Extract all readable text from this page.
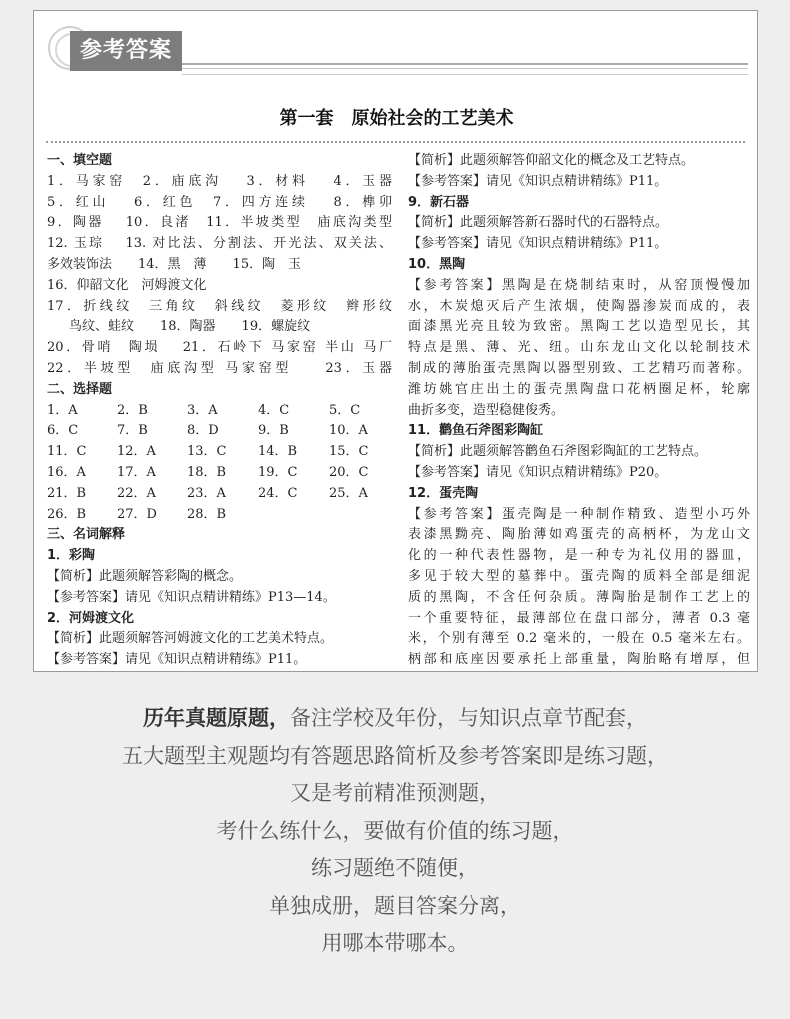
参考答案
第一套　原始社会的工艺美术
一、填空题
1．马家窑　2．庙底沟　 3．材料　 4．玉器
5．红山　 6．红色　7．四方连续　 8．榫卯
9．陶器　 10．良渚　11．半坡类型　庙底沟类型
12. 玉琮　 13. 对比法、分割法、开光法、双关法、
多效装饰法　　14．黑　薄　　15．陶　玉
16．仰韶文化　河姆渡文化
17．折线纹　三角纹　斜线纹　菱形纹　辫形纹
鸟纹、蛙纹　　18．陶器　　19．螺旋纹
20．骨哨　陶埙　 21．石岭下 马家窑 半山 马厂
22．半坡型　庙底沟型 马家窑型　　23．玉器
二、选择题
1．A	2．B	3．A	4．C	5．C
6．C	7．B	8．D	9．B	10．A
11．C 12．A 13．C 14．B 15．C
16．A 17．A 18．B 19．C 20．C
21．B 22．A 23．A 24．C 25．A
26．B 27．D 28．B
三、名词解释
1．彩陶
【简析】此题须解答彩陶的概念。
【参考答案】请见《知识点精讲精练》P13—14。
2．河姆渡文化
【简析】此题须解答河姆渡文化的工艺美术特点。
【参考答案】请见《知识点精讲精练》P11。
【简析】此题须解答仰韶文化的概念及工艺特点。
【参考答案】请见《知识点精讲精练》P11。
9．新石器
【简析】此题须解答新石器时代的石器特点。
【参考答案】请见《知识点精讲精练》P11。
10．黑陶
【参考答案】黑陶是在烧制结束时，从窑顶慢慢加
水，木炭熄灭后产生浓烟，使陶器渗炭而成的，表
面漆黑光亮且较为致密。黑陶工艺以造型见长，其
特点是黑、薄、光、纽。山东龙山文化以轮制技术
制成的薄胎蛋壳黑陶以器型别致、工艺精巧而著称。
潍坊姚官庄出土的蛋壳黑陶盘口花柄圈足杯，轮廓
曲折多变，造型稳健俊秀。
11．鹳鱼石斧图彩陶缸
【简析】此题须解答鹳鱼石斧图彩陶缸的工艺特点。
【参考答案】请见《知识点精讲精练》P20。
12．蛋壳陶
【参考答案】蛋壳陶是一种制作精致、造型小巧外
表漆黑黝亮、陶胎薄如鸡蛋壳的高柄杯，为龙山文
化的一种代表性器物，是一种专为礼仪用的器皿，
多见于较大型的墓葬中。蛋壳陶的质料全部是细泥
质的黑陶，不含任何杂质。薄陶胎是制作工艺上的
一个重要特征，最薄部位在盘口部分，薄者 0.3 毫
米，个别有薄至 0.2 毫米的，一般在 0.5 毫米左右。
柄部和底座因要承托上部重量，陶胎略有增厚，但
历年真题原题，备注学校及年份，与知识点章节配套，
五大题型主观题均有答题思路简析及参考答案即是练习题，
又是考前精准预测题，
考什么练什么，要做有价值的练习题，
练习题绝不随便，
单独成册，题目答案分离，
用哪本带哪本。
